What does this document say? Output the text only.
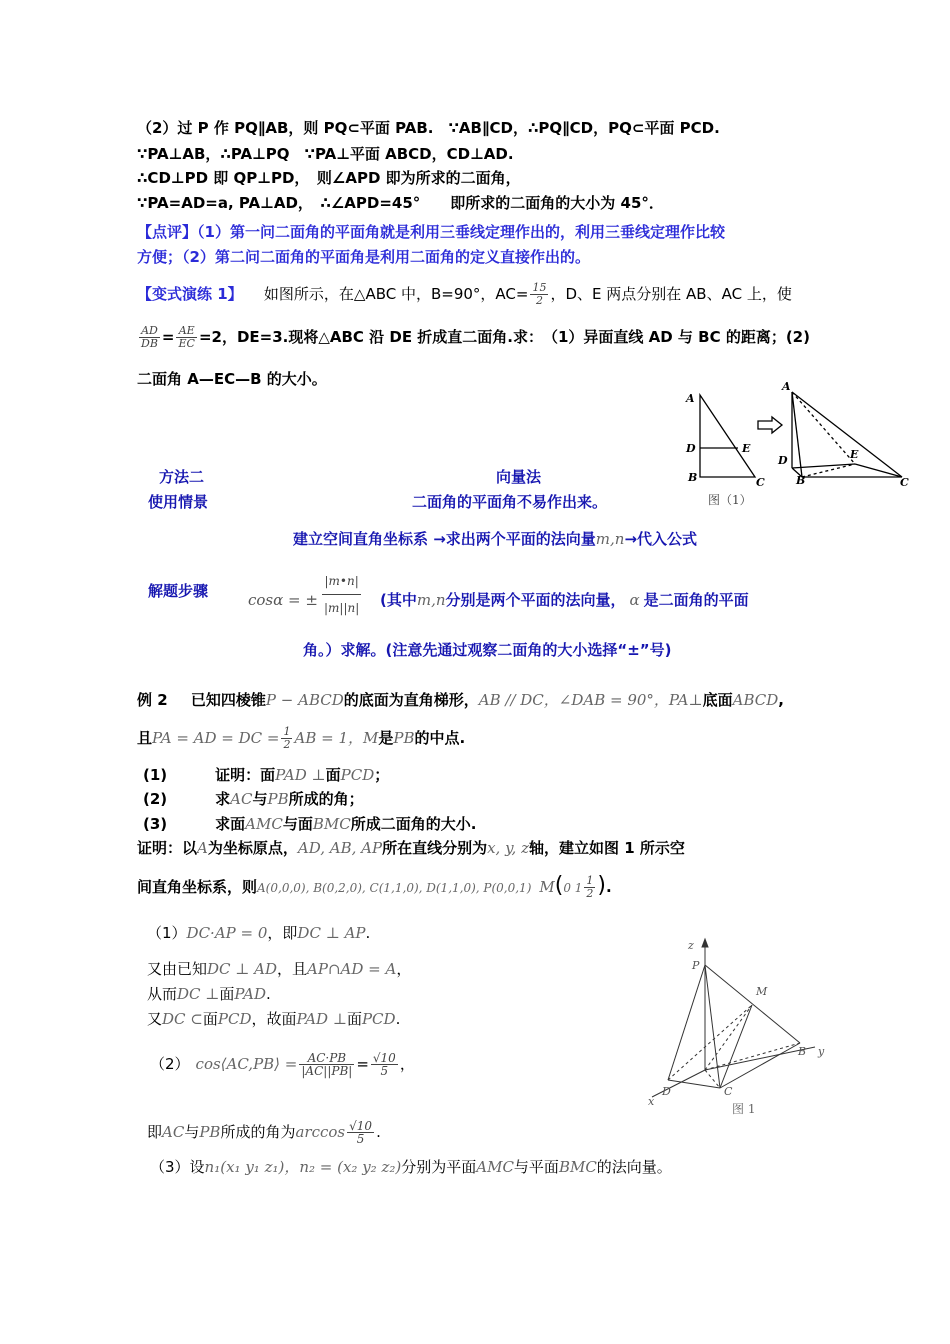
（2）过 P 作 PQ∥AB，则 PQ⊂平面 PAB.　∵AB∥CD，∴PQ∥CD，PQ⊂平面 PCD.
∵PA⊥AB，∴PA⊥PQ　∵PA⊥平面 ABCD，CD⊥AD.
∴CD⊥PD 即 QP⊥PD，　则∠APD 即为所求的二面角，
∵PA=AD=a, PA⊥AD，　∴∠APD=45°　　即所求的二面角的大小为 45°．
【点评】（1）第一问二面角的平面角就是利用三垂线定理作出的，利用三垂线定理作比较
方便；（2）第二问二面角的平面角是利用二面角的定义直接作出的。
【变式演练 1】 如图所示，在△ABC 中，B=90°，$AC= \frac{15}{2}$ ，D、E 两点分别在 AB、AC 上，使
$\frac{AD}{DB} = \frac{AE}{EC} =2$，DE=3.现将△ABC 沿 DE 折成直二面角.求：　（1）异面直线 AD 与 BC 的距离；(2)
二面角 A—EC—B 的大小。
A
D
B
E
C
A
D
B
E
C
图（1）
方法二	向量法
使用情景	二面角的平面角不易作出来。
建立空间直角坐标系 →求出两个平面的法向量m,n→代入公式
解题步骤	cosα = ± $\frac{|m•n|}{|m||n|}$ (其中m,n分别是两个平面的法向量， α 是二面角的平面
角。）求解。(注意先通过观察二面角的大小选择“±”号)
例 2 已知四棱锥P − ABCD的底面为直角梯形，AB // DC，∠DAB = 90°，PA⊥底面ABCD,
且PA = AD = DC = $\frac{1}{2}$ AB = 1，M是PB的中点.
(1)	证明：面PAD ⊥面PCD；
(2)	求AC与PB所成的角；
(3)	求面AMC与面BMC所成二面角的大小.
证明：以A为坐标原点，AD, AB, AP所在直线分别为x, y, z轴，建立如图 1 所示空
间直角坐标系，则A(0,0,0), B(0,2,0), C(1,1,0), D(1,1,0), P(0,0,1) M(0 $1 \frac{1}{2}$ ).
（1）DC·AP = 0，即DC ⊥ AP.
又由已知DC ⊥ AD，且AP∩AD = A，
从而DC ⊥面PAD.
又DC ⊂面PCD，故面PAD ⊥面PCD.
（2） cos⟨AC,PB⟩ = $\frac{AC\cdot PB}{|AC||PB|} = \frac{√10}{5}$ ，
即AC与PB所成的角为$\arccos \frac{√10}{5}$ .
（3）设n₁(x₁ y₁ z₁)，n₂ = (x₂ y₂ z₂)分别为平面AMC与平面BMC的法向量。
z
P
M
D	C
B y
x
图 1
